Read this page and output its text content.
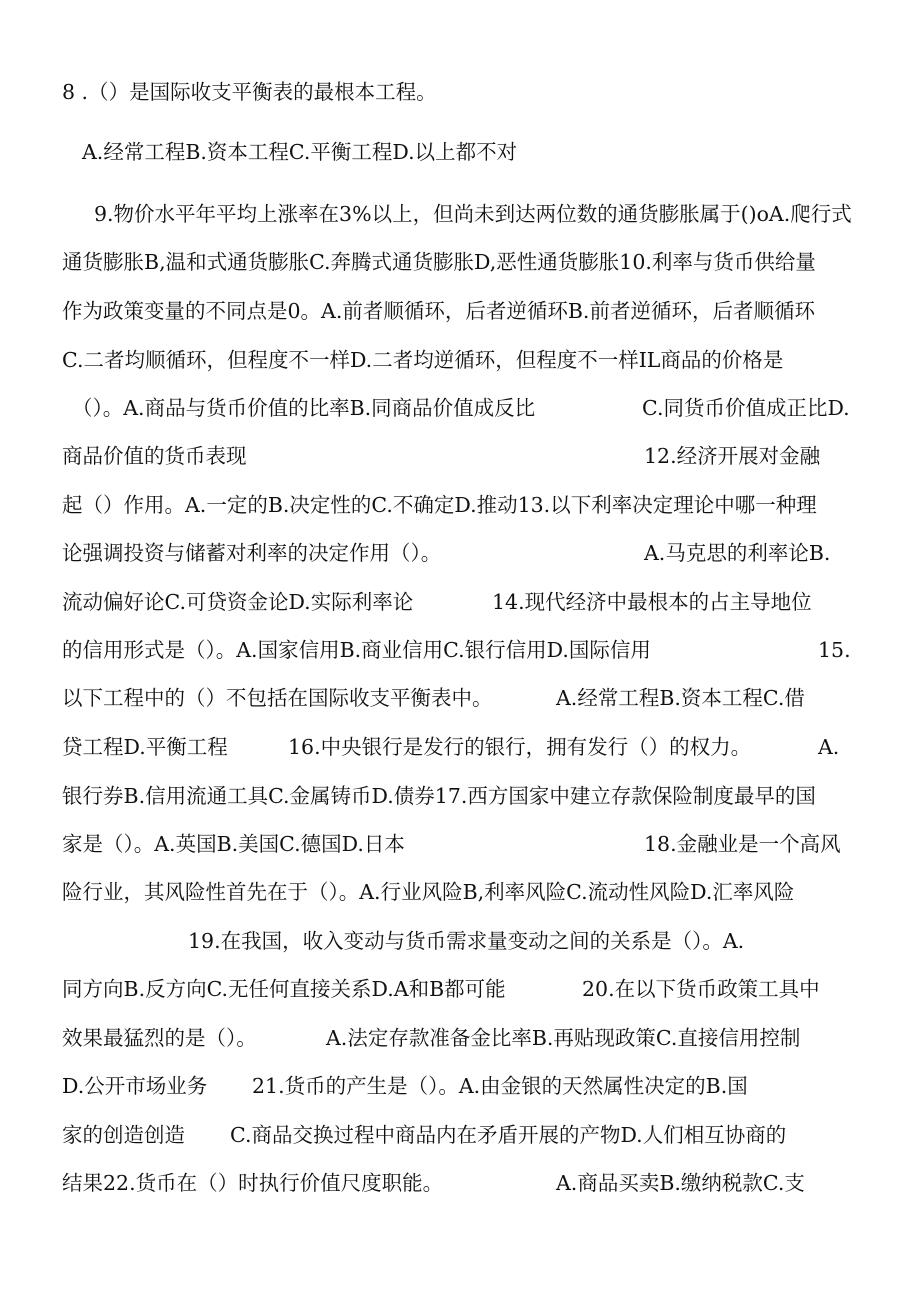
8 .（）是国际收支平衡表的最根本工程。
A.经常工程B.资本工程C.平衡工程D.以上都不对
9.物价水平年平均上涨率在3%以上，但尚未到达两位数的通货膨胀属于()oA.爬行式
通货膨胀B,温和式通货膨胀C.奔腾式通货膨胀D,恶性通货膨胀10.利率与货币供给量
作为政策变量的不同点是0。A.前者顺循环，后者逆循环B.前者逆循环，后者顺循环
C.二者均顺循环，但程度不一样D.二者均逆循环，但程度不一样IL商品的价格是
（）。A.商品与货币价值的比率B.同商品价值成反比	C.同货币价值成正比D.
商品价值的货币表现	12.经济开展对金融
起（）作用。A.一定的B.决定性的C.不确定D.推动13.以下利率决定理论中哪一种理
论强调投资与储蓄对利率的决定作用（）。	A.马克思的利率论B.
流动偏好论C.可贷资金论D.实际利率论	14.现代经济中最根本的占主导地位
的信用形式是（）。A.国家信用B.商业信用C.银行信用D.国际信用	15.
以下工程中的（）不包括在国际收支平衡表中。	A.经常工程B.资本工程C.借
贷工程D.平衡工程	16.中央银行是发行的银行，拥有发行（）的权力。	A.
银行券B.信用流通工具C.金属铸币D.债券17.西方国家中建立存款保险制度最早的国
家是（）。A.英国B.美国C.德国D.日本	18.金融业是一个高风
险行业，其风险性首先在于（）。A.行业风险B,利率风险C.流动性风险D.汇率风险
19.在我国，收入变动与货币需求量变动之间的关系是（）。A.
同方向B.反方向C.无任何直接关系D.A和B都可能	20.在以下货币政策工具中
效果最猛烈的是（）。	A.法定存款准备金比率B.再贴现政策C.直接信用控制
D.公开市场业务 21.货币的产生是（）。A.由金银的天然属性决定的B.国
家的创造创造 C.商品交换过程中商品内在矛盾开展的产物D.人们相互协商的
结果22.货币在（）时执行价值尺度职能。	A.商品买卖B.缴纳税款C.支
